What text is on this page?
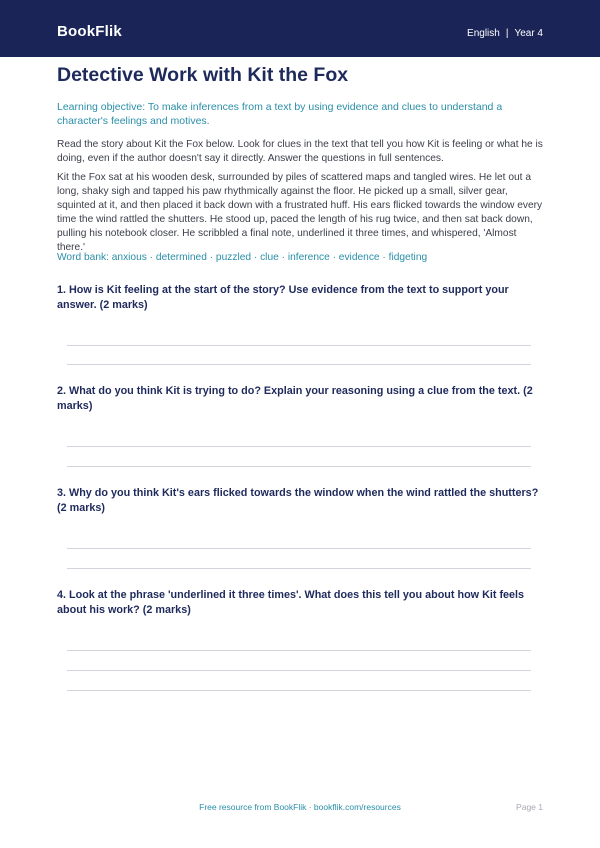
BookFlik	English | Year 4
Detective Work with Kit the Fox
Learning objective: To make inferences from a text by using evidence and clues to understand a character's feelings and motives.
Read the story about Kit the Fox below. Look for clues in the text that tell you how Kit is feeling or what he is doing, even if the author doesn't say it directly. Answer the questions in full sentences.
Kit the Fox sat at his wooden desk, surrounded by piles of scattered maps and tangled wires. He let out a long, shaky sigh and tapped his paw rhythmically against the floor. He picked up a small, silver gear, squinted at it, and then placed it back down with a frustrated huff. His ears flicked towards the window every time the wind rattled the shutters. He stood up, paced the length of his rug twice, and then sat back down, pulling his notebook closer. He scribbled a final note, underlined it three times, and whispered, 'Almost there.'
Word bank: anxious · determined · puzzled · clue · inference · evidence · fidgeting
1. How is Kit feeling at the start of the story? Use evidence from the text to support your answer. (2 marks)
2. What do you think Kit is trying to do? Explain your reasoning using a clue from the text. (2 marks)
3. Why do you think Kit's ears flicked towards the window when the wind rattled the shutters? (2 marks)
4. Look at the phrase 'underlined it three times'. What does this tell you about how Kit feels about his work? (2 marks)
Free resource from BookFlik · bookflik.com/resources	Page 1
